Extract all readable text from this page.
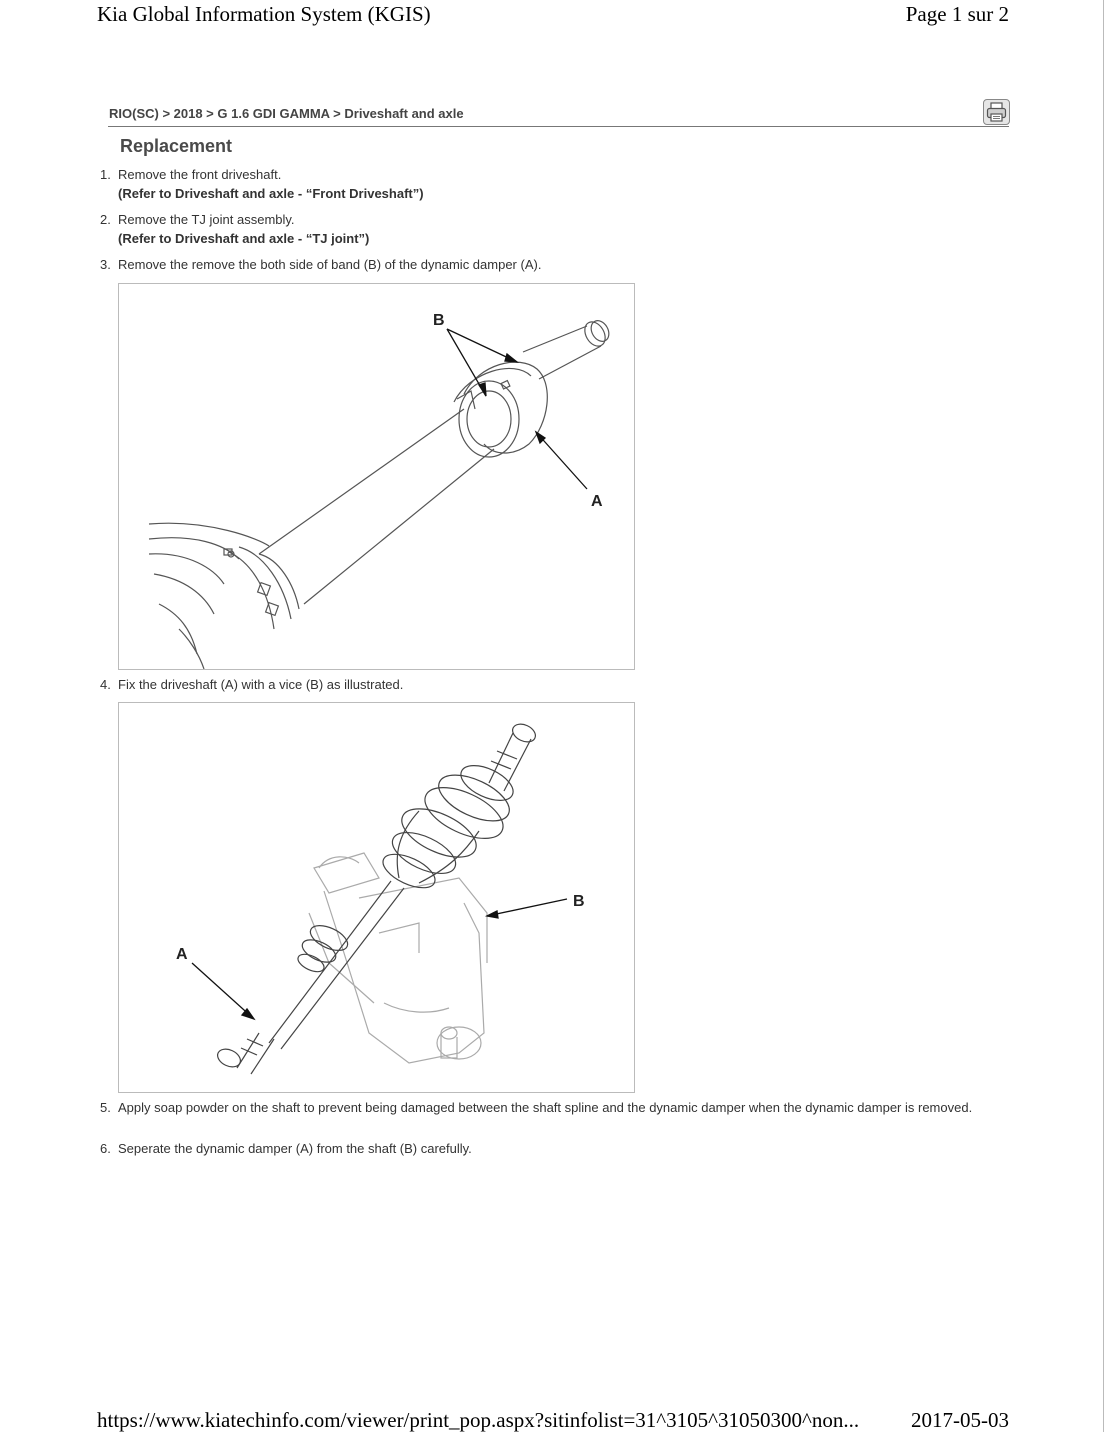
Kia Global Information System (KGIS)	Page 1 sur 2
RIO(SC) > 2018 > G 1.6 GDI GAMMA > Driveshaft and axle
Replacement
1. Remove the front driveshaft.
(Refer to Driveshaft and axle - “Front Driveshaft”)
2. Remove the TJ joint assembly.
(Refer to Driveshaft and axle - “TJ joint”)
3. Remove the remove the both side of band (B) of the dynamic damper (A).
B
A
4. Fix the driveshaft (A) with a vice (B) as illustrated.
A
B
5. Apply soap powder on the shaft to prevent being damaged between the shaft spline and the dynamic damper when the dynamic damper is removed.
6. Seperate the dynamic damper (A) from the shaft (B) carefully.
https://www.kiatechinfo.com/viewer/print_pop.aspx?sitinfolist=31^3105^31050300^non... 2017-05-03
